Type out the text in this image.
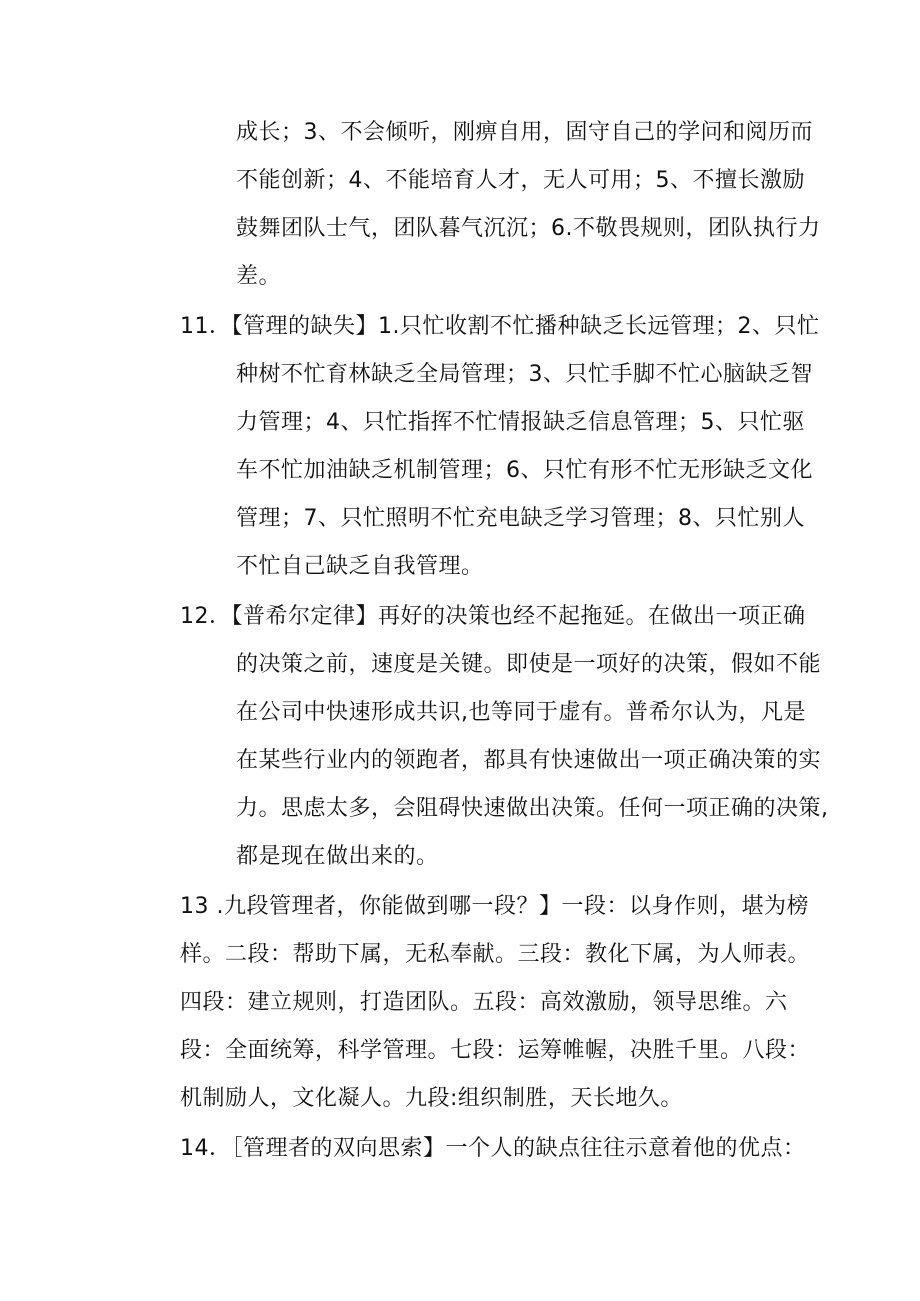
成长；3、不会倾听，刚痹自用，固守自己的学问和阅历而
不能创新；4、不能培育人才，无人可用；5、不擅长激励
鼓舞团队士气，团队暮气沉沉；6.不敬畏规则，团队执行力
差。
11．【管理的缺失】1.只忙收割不忙播种缺乏长远管理；2、只忙
种树不忙育林缺乏全局管理；3、只忙手脚不忙心脑缺乏智
力管理；4、只忙指挥不忙情报缺乏信息管理；5、只忙驱
车不忙加油缺乏机制管理；6、只忙有形不忙无形缺乏文化
管理；7、只忙照明不忙充电缺乏学习管理；8、只忙别人
不忙自己缺乏自我管理。
12．【普希尔定律】再好的决策也经不起拖延。在做出一项正确
的决策之前，速度是关键。即使是一项好的决策，假如不能
在公司中快速形成共识,也等同于虚有。普希尔认为，凡是
在某些行业内的领跑者，都具有快速做出一项正确决策的实
力。思虑太多，会阻碍快速做出决策。任何一项正确的决策,
都是现在做出来的。
13 .九段管理者，你能做到哪一段？】一段：以身作则，堪为榜
样。二段：帮助下属，无私奉献。三段：教化下属，为人师表。
四段：建立规则，打造团队。五段：高效激励，领导思维。六
段：全面统筹，科学管理。七段：运筹帷幄，决胜千里。八段：
机制励人，文化凝人。九段:组织制胜，天长地久。
14．［管理者的双向思索】一个人的缺点往往示意着他的优点：
